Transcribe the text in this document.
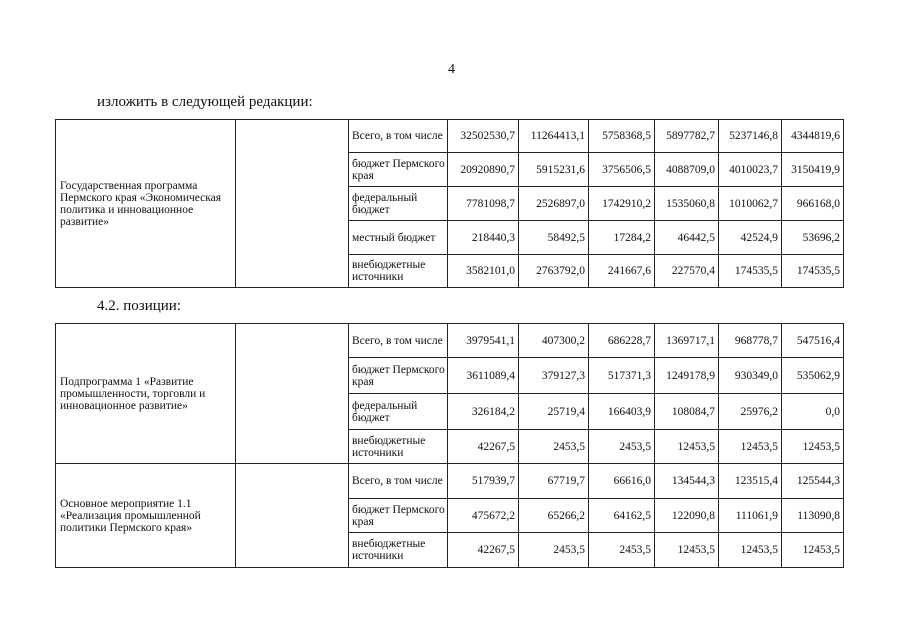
4
изложить в следующей редакции:
Государственная программа Пермского края «Экономическая политика и инновационное развитие»		Всего, в том числе	32502530,7	11264413,1	5758368,5	5897782,7	5237146,8	4344819,6
		бюджет Пермского края	20920890,7	5915231,6	3756506,5	4088709,0	4010023,7	3150419,9
		федеральный бюджет	7781098,7	2526897,0	1742910,2	1535060,8	1010062,7	966168,0
		местный бюджет	218440,3	58492,5	17284,2	46442,5	42524,9	53696,2
		внебюджетные источники	3582101,0	2763792,0	241667,6	227570,4	174535,5	174535,5
4.2. позиции:
Подпрограмма 1 «Развитие промышленности, торговли и инновационное развитие»		Всего, в том числе	3979541,1	407300,2	686228,7	1369717,1	968778,7	547516,4
		бюджет Пермского края	3611089,4	379127,3	517371,3	1249178,9	930349,0	535062,9
		федеральный бюджет	326184,2	25719,4	166403,9	108084,7	25976,2	0,0
		внебюджетные источники	42267,5	2453,5	2453,5	12453,5	12453,5	12453,5
Основное мероприятие 1.1 «Реализация промышленной политики Пермского края»		Всего, в том числе	517939,7	67719,7	66616,0	134544,3	123515,4	125544,3
		бюджет Пермского края	475672,2	65266,2	64162,5	122090,8	111061,9	113090,8
		внебюджетные источники	42267,5	2453,5	2453,5	12453,5	12453,5	12453,5
